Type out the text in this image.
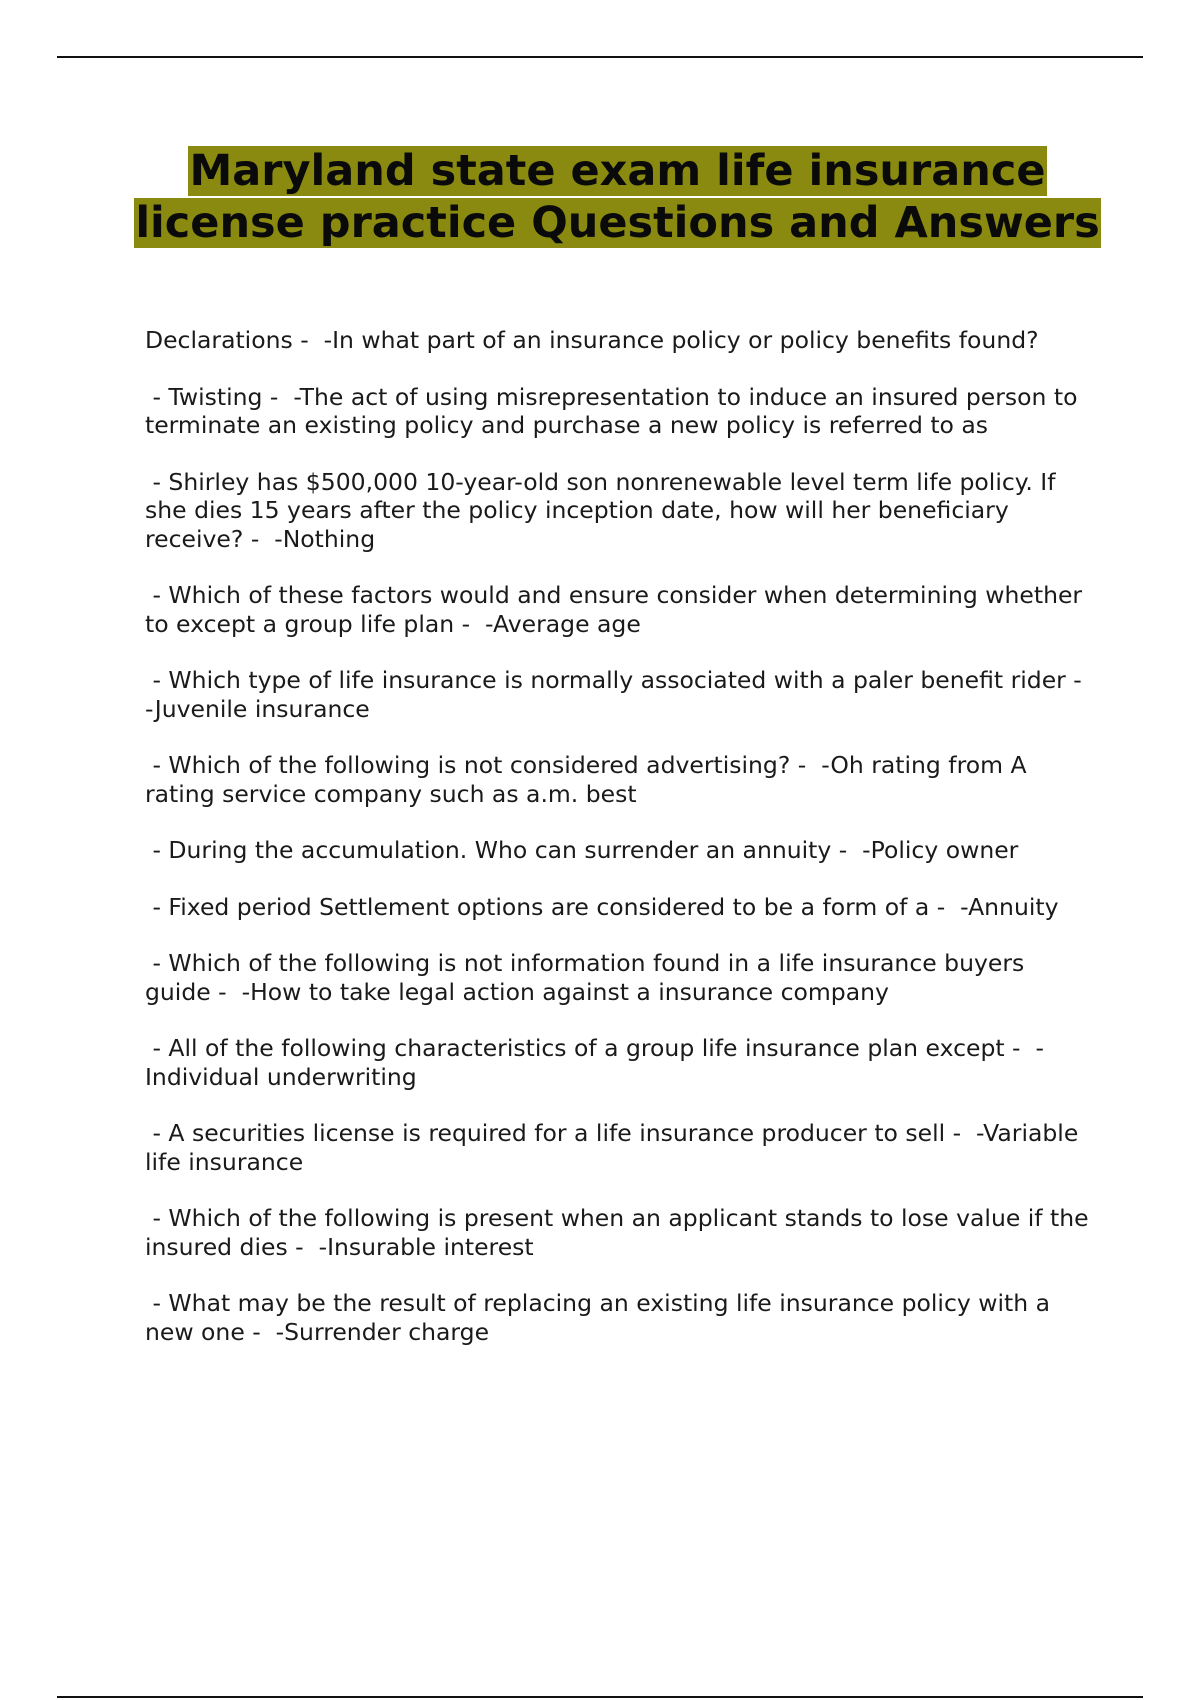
Maryland state exam life insurance license practice Questions and Answers

Declarations -  -In what part of an insurance policy or policy benefits found?

- Twisting -  -The act of using misrepresentation to induce an insured person to terminate an existing policy and purchase a new policy is referred to as

- Shirley has $500,000 10-year-old son nonrenewable level term life policy. If she dies 15 years after the policy inception date, how will her beneficiary receive? -  -Nothing

- Which of these factors would and ensure consider when determining whether to except a group life plan -  -Average age

- Which type of life insurance is normally associated with a paler benefit rider -  -Juvenile insurance

- Which of the following is not considered advertising? -  -Oh rating from A rating service company such as a.m. best

- During the accumulation. Who can surrender an annuity -  -Policy owner

- Fixed period Settlement options are considered to be a form of a -  -Annuity

- Which of the following is not information found in a life insurance buyers guide -  -How to take legal action against a insurance company

- All of the following characteristics of a group life insurance plan except -  -Individual underwriting

- A securities license is required for a life insurance producer to sell -  -Variable life insurance

- Which of the following is present when an applicant stands to lose value if the insured dies -  -Insurable interest

- What may be the result of replacing an existing life insurance policy with a new one -  -Surrender charge
